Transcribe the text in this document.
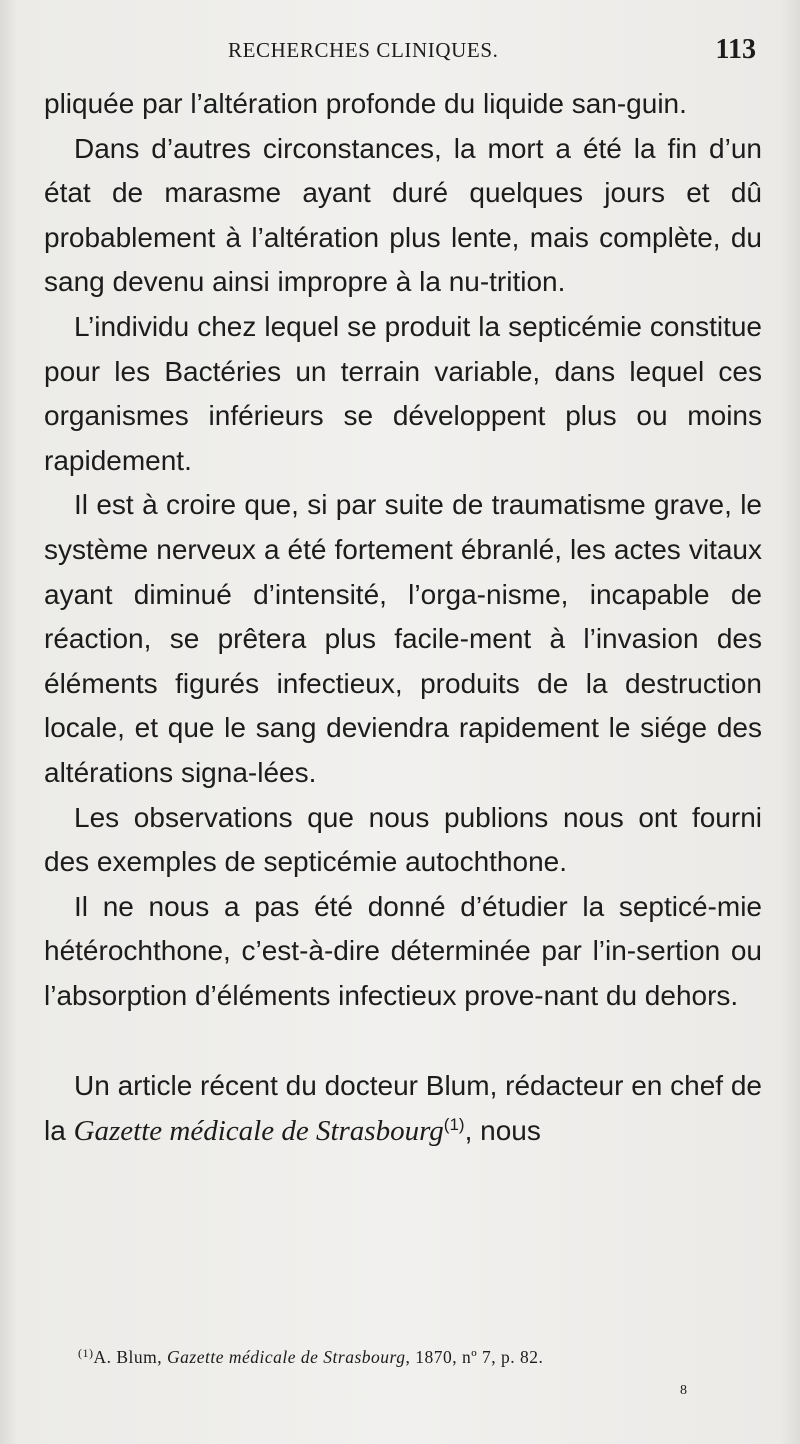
RECHERCHES CLINIQUES.	113

pliquée par l’altération profonde du liquide san-guin.

Dans d’autres circonstances, la mort a été la fin d’un état de marasme ayant duré quelques jours et dû probablement à l’altération plus lente, mais complète, du sang devenu ainsi impropre à la nu-trition.

L’individu chez lequel se produit la septicémie constitue pour les Bactéries un terrain variable, dans lequel ces organismes inférieurs se développent plus ou moins rapidement.

Il est à croire que, si par suite de traumatisme grave, le système nerveux a été fortement ébranlé, les actes vitaux ayant diminué d’intensité, l’orga-nisme, incapable de réaction, se prêtera plus facile-ment à l’invasion des éléments figurés infectieux, produits de la destruction locale, et que le sang deviendra rapidement le siége des altérations signa-lées.

Les observations que nous publions nous ont fourni des exemples de septicémie autochthone.

Il ne nous a pas été donné d’étudier la septicé-mie hétérochthone, c’est-à-dire déterminée par l’in-sertion ou l’absorption d’éléments infectieux prove-nant du dehors.

Un article récent du docteur Blum, rédacteur en chef de la Gazette médicale de Strasbourg$^{(1)}$, nous

$^{(1)}$A. Blum, Gazette médicale de Strasbourg, 1870, nº 7, p. 82.
8
